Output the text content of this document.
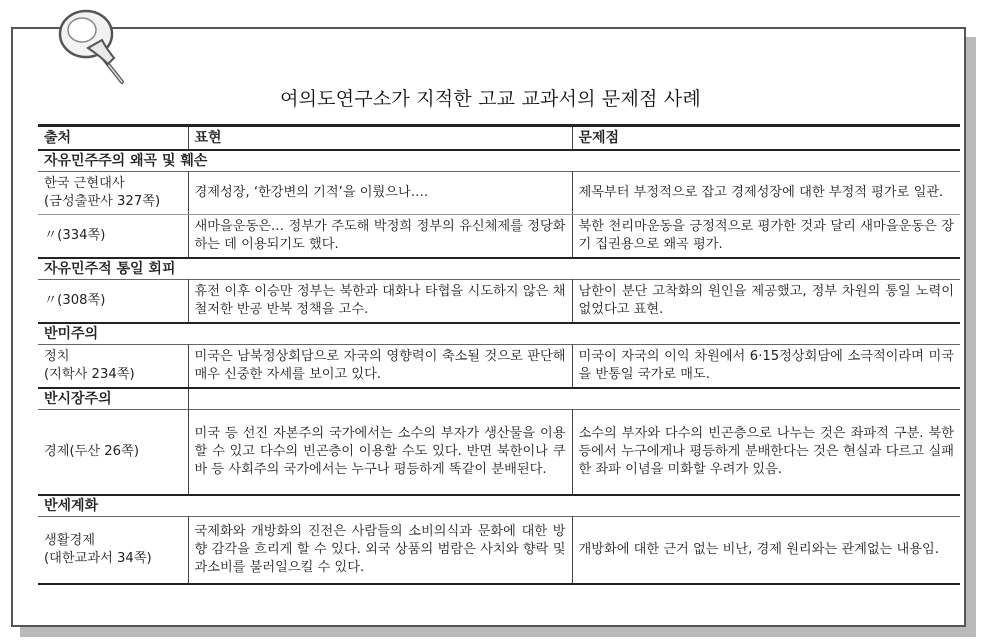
여의도연구소가 지적한 고교 교과서의 문제점 사례
출처	표현	문제점
자유민주주의 왜곡 및 훼손		
한국 근현대사
(금성출판사 327쪽)	경제성장, ‘한강변의 기적’을 이뤘으나….	제목부터 부정적으로 잡고 경제성장에 대한 부정적 평가로 일관.
〃(334쪽)	새마을운동은… 정부가 주도해 박정희 정부의 유신체제를 정당화하는 데 이용되기도 했다.	북한 천리마운동을 긍정적으로 평가한 것과 달리 새마을운동은 장기 집권용으로 왜곡 평가.
자유민주적 통일 회피		
〃(308쪽)	휴전 이후 이승만 정부는 북한과 대화나 타협을 시도하지 않은 채 철저한 반공 반북 정책을 고수.	남한이 분단 고착화의 원인을 제공했고, 정부 차원의 통일 노력이 없었다고 표현.
반미주의		
정치
(지학사 234쪽)	미국은 남북정상회담으로 자국의 영향력이 축소될 것으로 판단해 매우 신중한 자세를 보이고 있다.	미국이 자국의 이익 차원에서 6·15정상회담에 소극적이라며 미국을 반통일 국가로 매도.
반시장주의		
경제(두산 26쪽)	미국 등 선진 자본주의 국가에서는 소수의 부자가 생산물을 이용할 수 있고 다수의 빈곤층이 이용할 수도 있다. 반면 북한이나 쿠바 등 사회주의 국가에서는 누구나 평등하게 똑같이 분배된다.	소수의 부자와 다수의 빈곤층으로 나누는 것은 좌파적 구분. 북한 등에서 누구에게나 평등하게 분배한다는 것은 현실과 다르고 실패한 좌파 이념을 미화할 우려가 있음.
반세계화		
생활경제
(대한교과서 34쪽)	국제화와 개방화의 진전은 사람들의 소비의식과 문화에 대한 방향 감각을 흐리게 할 수 있다. 외국 상품의 범람은 사치와 향락 및 과소비를 불러일으킬 수 있다.	개방화에 대한 근거 없는 비난, 경제 원리와는 관계없는 내용임.
